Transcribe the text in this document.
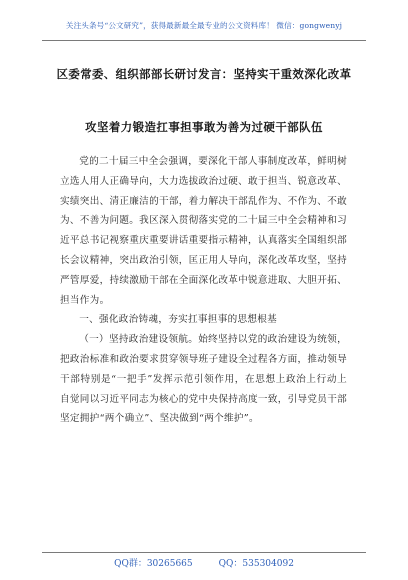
关注头条号“公文研究”，获得最新最全最专业的公文资料库！ 微信：gongwenyj
区委常委、组织部部长研讨发言：坚持实干重效深化改革
攻坚着力锻造扛事担事敢为善为过硬干部队伍

党的二十届三中全会强调，要深化干部人事制度改革，鲜明树立选人用人正确导向，大力选拔政治过硬、敢于担当、锐意改革、实绩突出、清正廉洁的干部，着力解决干部乱作为、不作为、不敢为、不善为问题。我区深入贯彻落实党的二十届三中全会精神和习近平总书记视察重庆重要讲话重要指示精神，认真落实全国组织部长会议精神，突出政治引领，匡正用人导向，深化改革攻坚，坚持严管厚爱，持续激励干部在全面深化改革中锐意进取、大胆开拓、担当作为。

一、强化政治铸魂，夯实扛事担事的思想根基

（一）坚持政治建设领航。始终坚持以党的政治建设为统领，把政治标准和政治要求贯穿领导班子建设全过程各方面，推动领导干部特别是“一把手”发挥示范引领作用，在思想上政治上行动上自觉同以习近平同志为核心的党中央保持高度一致，引导党员干部坚定拥护“两个确立”、坚决做到“两个维护”。

QQ群：30265665	QQ：535304092
